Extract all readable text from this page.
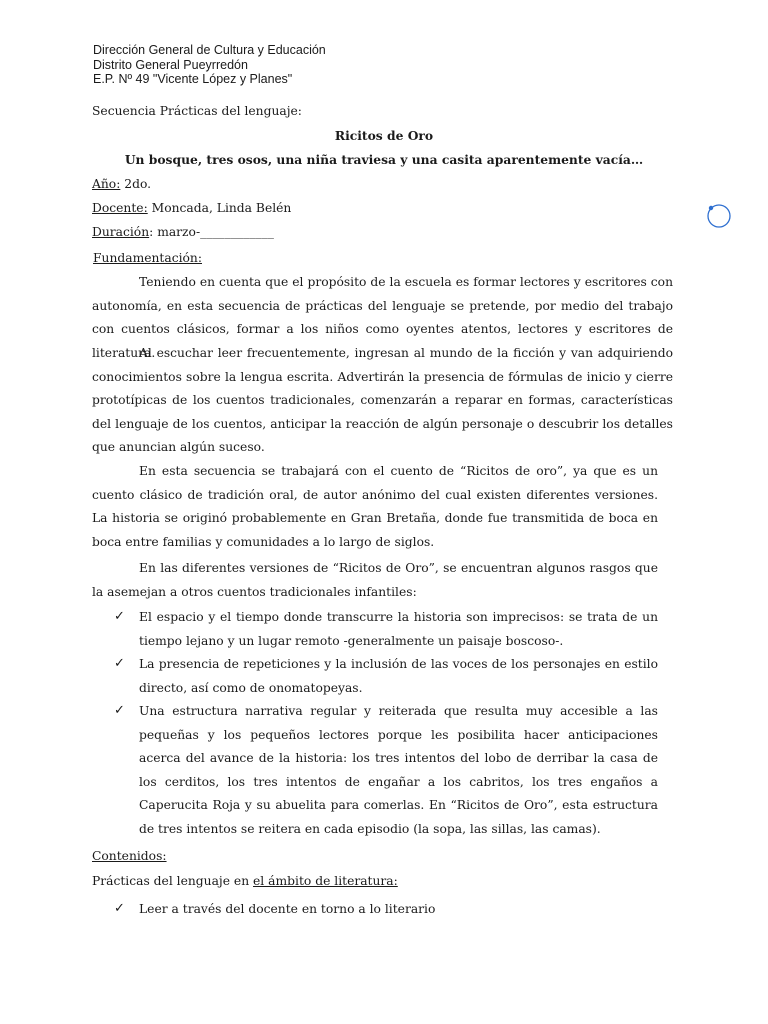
Dirección General de Cultura y Educación
Distrito General Pueyrredón
E.P. Nº 49 "Vicente López y Planes"
Secuencia Prácticas del lenguaje:
Ricitos de Oro
Un bosque, tres osos, una niña traviesa y una casita aparentemente vacía…
Año: 2do.
Docente: Moncada, Linda Belén
Duración: marzo-____________
Fundamentación:
Teniendo en cuenta que el propósito de la escuela es formar lectores y escritores con autonomía, en esta secuencia de prácticas del lenguaje se pretende, por medio del trabajo con cuentos clásicos, formar a los niños como oyentes atentos, lectores y escritores de literatura.
Al escuchar leer frecuentemente, ingresan al mundo de la ficción y van adquiriendo conocimientos sobre la lengua escrita. Advertirán la presencia de fórmulas de inicio y cierre prototípicas de los cuentos tradicionales, comenzarán a reparar en formas, características del lenguaje de los cuentos, anticipar la reacción de algún personaje o descubrir los detalles que anuncian algún suceso.
En esta secuencia se trabajará con el cuento de “Ricitos de oro”, ya que es un cuento clásico de tradición oral, de autor anónimo del cual existen diferentes versiones. La historia se originó probablemente en Gran Bretaña, donde fue transmitida de boca en boca entre familias y comunidades a lo largo de siglos.
En las diferentes versiones de “Ricitos de Oro”, se encuentran algunos rasgos que la asemejan a otros cuentos tradicionales infantiles:
✓	El espacio y el tiempo donde transcurre la historia son imprecisos: se trata de un tiempo lejano y un lugar remoto -generalmente un paisaje boscoso-.
✓	La presencia de repeticiones y la inclusión de las voces de los personajes en estilo directo, así como de onomatopeyas.
✓	Una estructura narrativa regular y reiterada que resulta muy accesible a las pequeñas y los pequeños lectores porque les posibilita hacer anticipaciones acerca del avance de la historia: los tres intentos del lobo de derribar la casa de los cerditos, los tres intentos de engañar a los cabritos, los tres engaños a Caperucita Roja y su abuelita para comerlas. En “Ricitos de Oro”, esta estructura de tres intentos se reitera en cada episodio (la sopa, las sillas, las camas).
Contenidos:
Prácticas del lenguaje en el ámbito de literatura:
✓	Leer a través del docente en torno a lo literario
